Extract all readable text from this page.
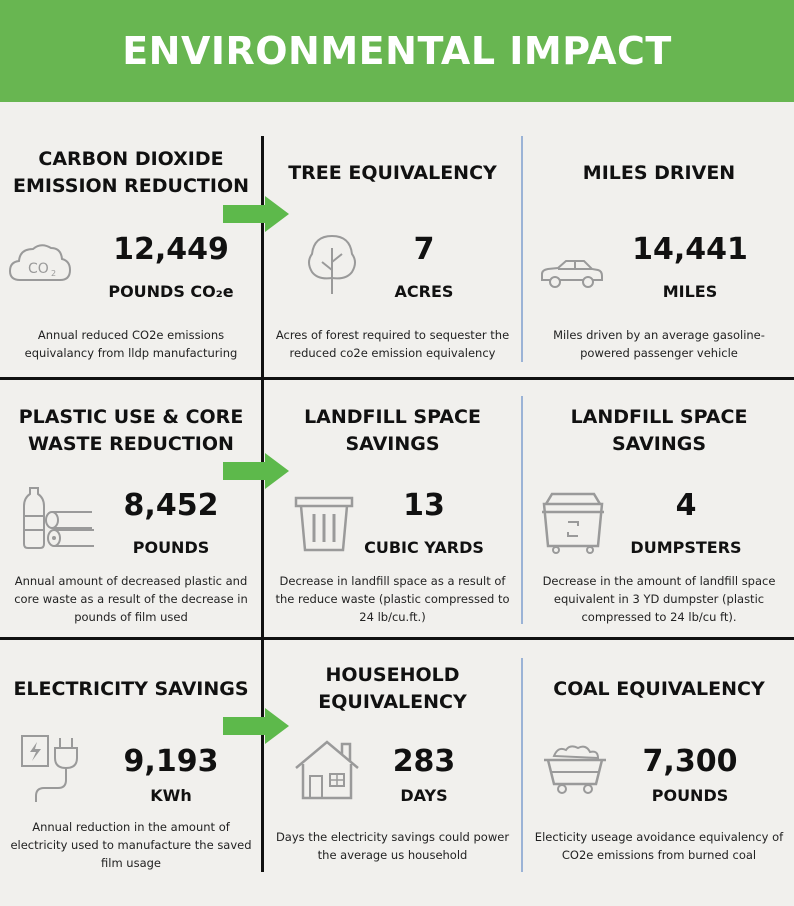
ENVIRONMENTAL IMPACT
CARBON DIOXIDE EMISSION REDUCTION
CO 2
12,449
POUNDS CO₂e
Annual reduced CO2e emissions equivalancy from lldp manufacturing
TREE EQUIVALENCY
7
ACRES
Acres of forest required to sequester the reduced co2e emission equivalency
MILES DRIVEN
14,441
MILES
Miles driven by an average gasoline-powered passenger vehicle
PLASTIC USE & CORE WASTE REDUCTION
8,452
POUNDS
Annual amount of decreased plastic and core waste as a result of the decrease in pounds of film used
LANDFILL SPACE SAVINGS
13
CUBIC YARDS
Decrease in landfill space as a result of the reduce waste (plastic compressed to 24 lb/cu.ft.)
LANDFILL SPACE SAVINGS
4
DUMPSTERS
Decrease in the amount of landfill space equivalent in 3 YD dumpster (plastic compressed to 24 lb/cu ft).
ELECTRICITY SAVINGS
9,193
KWh
Annual reduction in the amount of electricity used to manufacture the saved film usage
HOUSEHOLD EQUIVALENCY
283
DAYS
Days the electricity savings could power the average us household
COAL EQUIVALENCY
7,300
POUNDS
Electicity useage avoidance equivalency of CO2e emissions from burned coal
